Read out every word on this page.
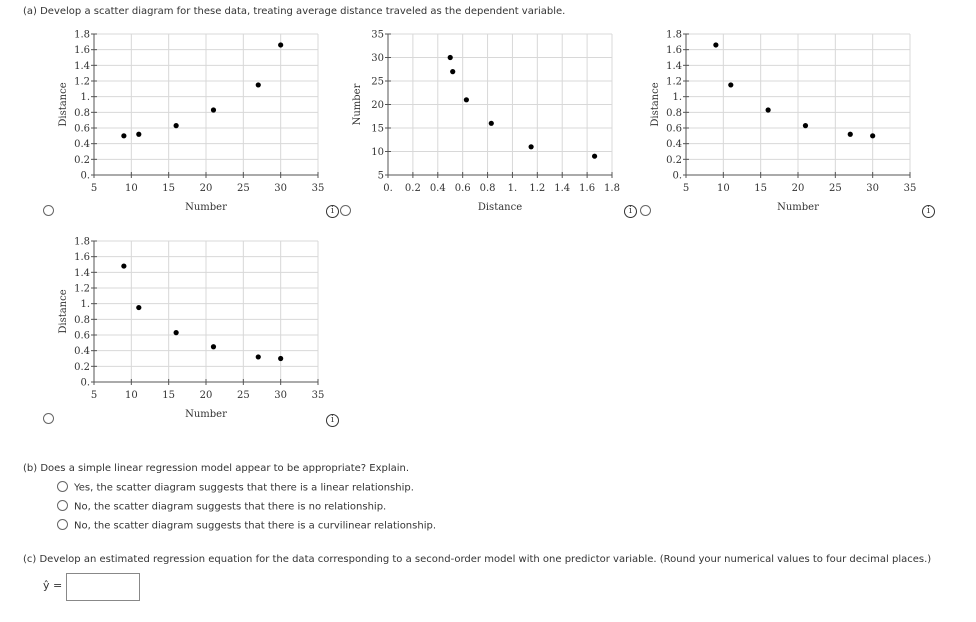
(a) Develop a scatter diagram for these data, treating average distance traveled as the dependent variable.
5	10 15 20 25 30 35
0.
0.2
0.4
0.6
0.8
1.
1.2
1.4
1.6
1.8
Number
Distance
i
0. 0.2 0.4 0.6 0.8 1. 1.2 1.4 1.6 1.8
5
10
15
20
25
30
35
Distance
Number
i
5	10 15 20 25 30 35
0.
0.2
0.4
0.6
0.8
1.
1.2
1.4
1.6
1.8
Number
Distance
i
5	10 15 20 25 30 35
0.
0.2
0.4
0.6
0.8
1.
1.2
1.4
1.6
1.8
Number
Distance
i
(b) Does a simple linear regression model appear to be appropriate? Explain.
Yes, the scatter diagram suggests that there is a linear relationship.
No, the scatter diagram suggests that there is no relationship.
No, the scatter diagram suggests that there is a curvilinear relationship.
(c) Develop an estimated regression equation for the data corresponding to a second-order model with one predictor variable. (Round your numerical values to four decimal places.)
ŷ =
